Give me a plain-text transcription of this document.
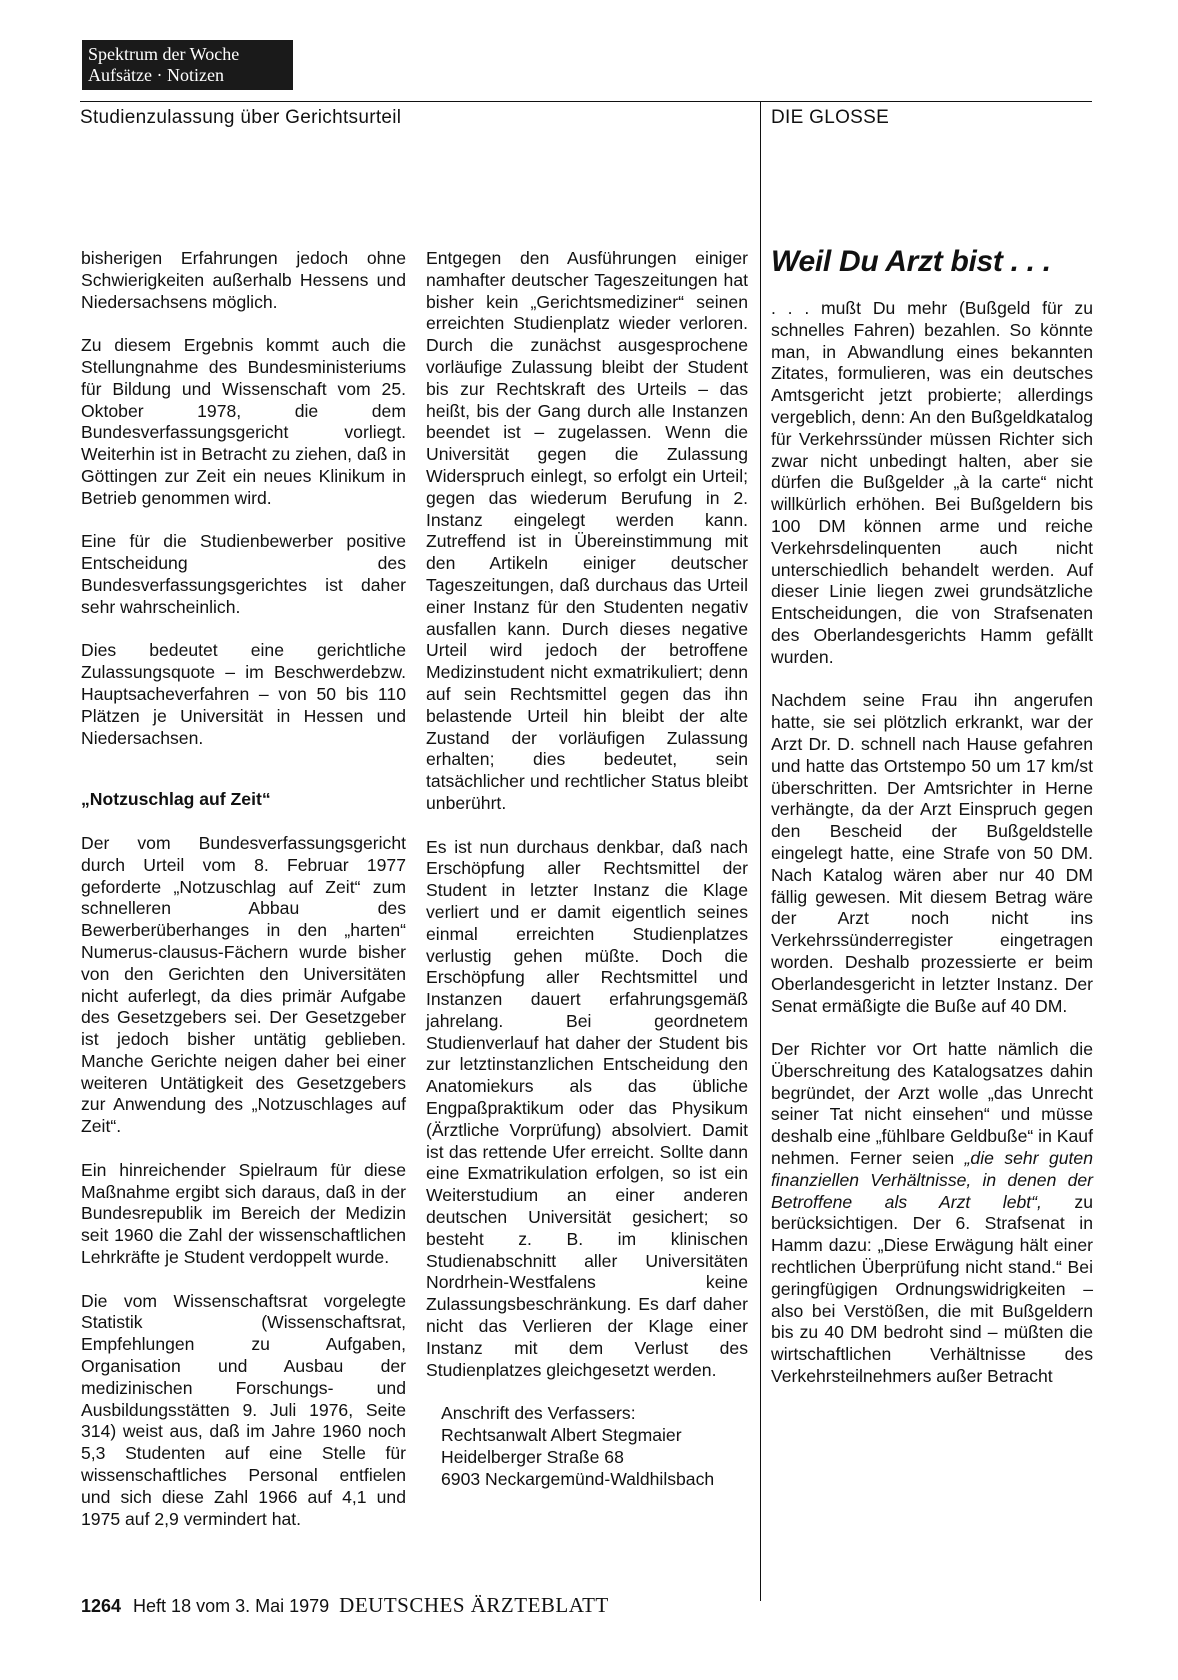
Spektrum der Woche
Aufsätze · Notizen
Studienzulassung über Gerichtsurteil	DIE GLOSSE

bisherigen Erfahrungen jedoch ohne Schwierigkeiten außerhalb Hessens und Niedersachsens möglich.

Zu diesem Ergebnis kommt auch die Stellungnahme des Bundesministeriums für Bildung und Wissenschaft vom 25. Oktober 1978, die dem Bundesverfassungsgericht vorliegt. Weiterhin ist in Betracht zu ziehen, daß in Göttingen zur Zeit ein neues Klinikum in Betrieb genommen wird.

Eine für die Studienbewerber positive Entscheidung des Bundesverfassungsgerichtes ist daher sehr wahrscheinlich.

Dies bedeutet eine gerichtliche Zulassungsquote – im Beschwerdebzw. Hauptsacheverfahren – von 50 bis 110 Plätzen je Universität in Hessen und Niedersachsen.

„Notzuschlag auf Zeit“

Der vom Bundesverfassungsgericht durch Urteil vom 8. Februar 1977 geforderte „Notzuschlag auf Zeit“ zum schnelleren Abbau des Bewerberüberhanges in den „harten“ Numerus-clausus-Fächern wurde bisher von den Gerichten den Universitäten nicht auferlegt, da dies primär Aufgabe des Gesetzgebers sei. Der Gesetzgeber ist jedoch bisher untätig geblieben. Manche Gerichte neigen daher bei einer weiteren Untätigkeit des Gesetzgebers zur Anwendung des „Notzuschlages auf Zeit“.

Ein hinreichender Spielraum für diese Maßnahme ergibt sich daraus, daß in der Bundesrepublik im Bereich der Medizin seit 1960 die Zahl der wissenschaftlichen Lehrkräfte je Student verdoppelt wurde.

Die vom Wissenschaftsrat vorgelegte Statistik (Wissenschaftsrat, Empfehlungen zu Aufgaben, Organisation und Ausbau der medizinischen Forschungs- und Ausbildungsstätten 9. Juli 1976, Seite 314) weist aus, daß im Jahre 1960 noch 5,3 Studenten auf eine Stelle für wissenschaftliches Personal entfielen und sich diese Zahl 1966 auf 4,1 und 1975 auf 2,9 vermindert hat.

Entgegen den Ausführungen einiger namhafter deutscher Tageszeitungen hat bisher kein „Gerichtsmediziner“ seinen erreichten Studienplatz wieder verloren. Durch die zunächst ausgesprochene vorläufige Zulassung bleibt der Student bis zur Rechtskraft des Urteils – das heißt, bis der Gang durch alle Instanzen beendet ist – zugelassen. Wenn die Universität gegen die Zulassung Widerspruch einlegt, so erfolgt ein Urteil; gegen das wiederum Berufung in 2. Instanz eingelegt werden kann. Zutreffend ist in Übereinstimmung mit den Artikeln einiger deutscher Tageszeitungen, daß durchaus das Urteil einer Instanz für den Studenten negativ ausfallen kann. Durch dieses negative Urteil wird jedoch der betroffene Medizinstudent nicht exmatrikuliert; denn auf sein Rechtsmittel gegen das ihn belastende Urteil hin bleibt der alte Zustand der vorläufigen Zulassung erhalten; dies bedeutet, sein tatsächlicher und rechtlicher Status bleibt unberührt.

Es ist nun durchaus denkbar, daß nach Erschöpfung aller Rechtsmittel der Student in letzter Instanz die Klage verliert und er damit eigentlich seines einmal erreichten Studienplatzes verlustig gehen müßte. Doch die Erschöpfung aller Rechtsmittel und Instanzen dauert erfahrungsgemäß jahrelang. Bei geordnetem Studienverlauf hat daher der Student bis zur letztinstanzlichen Entscheidung den Anatomiekurs als das übliche Engpaßpraktikum oder das Physikum (Ärztliche Vorprüfung) absolviert. Damit ist das rettende Ufer erreicht. Sollte dann eine Exmatrikulation erfolgen, so ist ein Weiterstudium an einer anderen deutschen Universität gesichert; so besteht z. B. im klinischen Studienabschnitt aller Universitäten Nordrhein-Westfalens keine Zulassungsbeschränkung. Es darf daher nicht das Verlieren der Klage einer Instanz mit dem Verlust des Studienplatzes gleichgesetzt werden.

Anschrift des Verfassers:
Rechtsanwalt Albert Stegmaier
Heidelberger Straße 68
6903 Neckargemünd-Waldhilsbach
Weil Du Arzt bist . . .

. . . mußt Du mehr (Bußgeld für zu schnelles Fahren) bezahlen. So könnte man, in Abwandlung eines bekannten Zitates, formulieren, was ein deutsches Amtsgericht jetzt probierte; allerdings vergeblich, denn: An den Bußgeldkatalog für Verkehrssünder müssen Richter sich zwar nicht unbedingt halten, aber sie dürfen die Bußgelder „à la carte“ nicht willkürlich erhöhen. Bei Bußgeldern bis 100 DM können arme und reiche Verkehrsdelinquenten auch nicht unterschiedlich behandelt werden. Auf dieser Linie liegen zwei grundsätzliche Entscheidungen, die von Strafsenaten des Oberlandesgerichts Hamm gefällt wurden.

Nachdem seine Frau ihn angerufen hatte, sie sei plötzlich erkrankt, war der Arzt Dr. D. schnell nach Hause gefahren und hatte das Ortstempo 50 um 17 km/st überschritten. Der Amtsrichter in Herne verhängte, da der Arzt Einspruch gegen den Bescheid der Bußgeldstelle eingelegt hatte, eine Strafe von 50 DM. Nach Katalog wären aber nur 40 DM fällig gewesen. Mit diesem Betrag wäre der Arzt noch nicht ins Verkehrssünderregister eingetragen worden. Deshalb prozessierte er beim Oberlandesgericht in letzter Instanz. Der Senat ermäßigte die Buße auf 40 DM.

Der Richter vor Ort hatte nämlich die Überschreitung des Katalogsatzes dahin begründet, der Arzt wolle „das Unrecht seiner Tat nicht einsehen“ und müsse deshalb eine „fühlbare Geldbuße“ in Kauf nehmen. Ferner seien „die sehr guten finanziellen Verhältnisse, in denen der Betroffene als Arzt lebt“, zu berücksichtigen. Der 6. Strafsenat in Hamm dazu: „Diese Erwägung hält einer rechtlichen Überprüfung nicht stand.“ Bei geringfügigen Ordnungswidrigkeiten – also bei Verstößen, die mit Bußgeldern bis zu 40 DM bedroht sind – müßten die wirtschaftlichen Verhältnisse des Verkehrsteilnehmers außer Betracht

1264 Heft 18 vom 3. Mai 1979 DEUTSCHES ÄRZTEBLATT
